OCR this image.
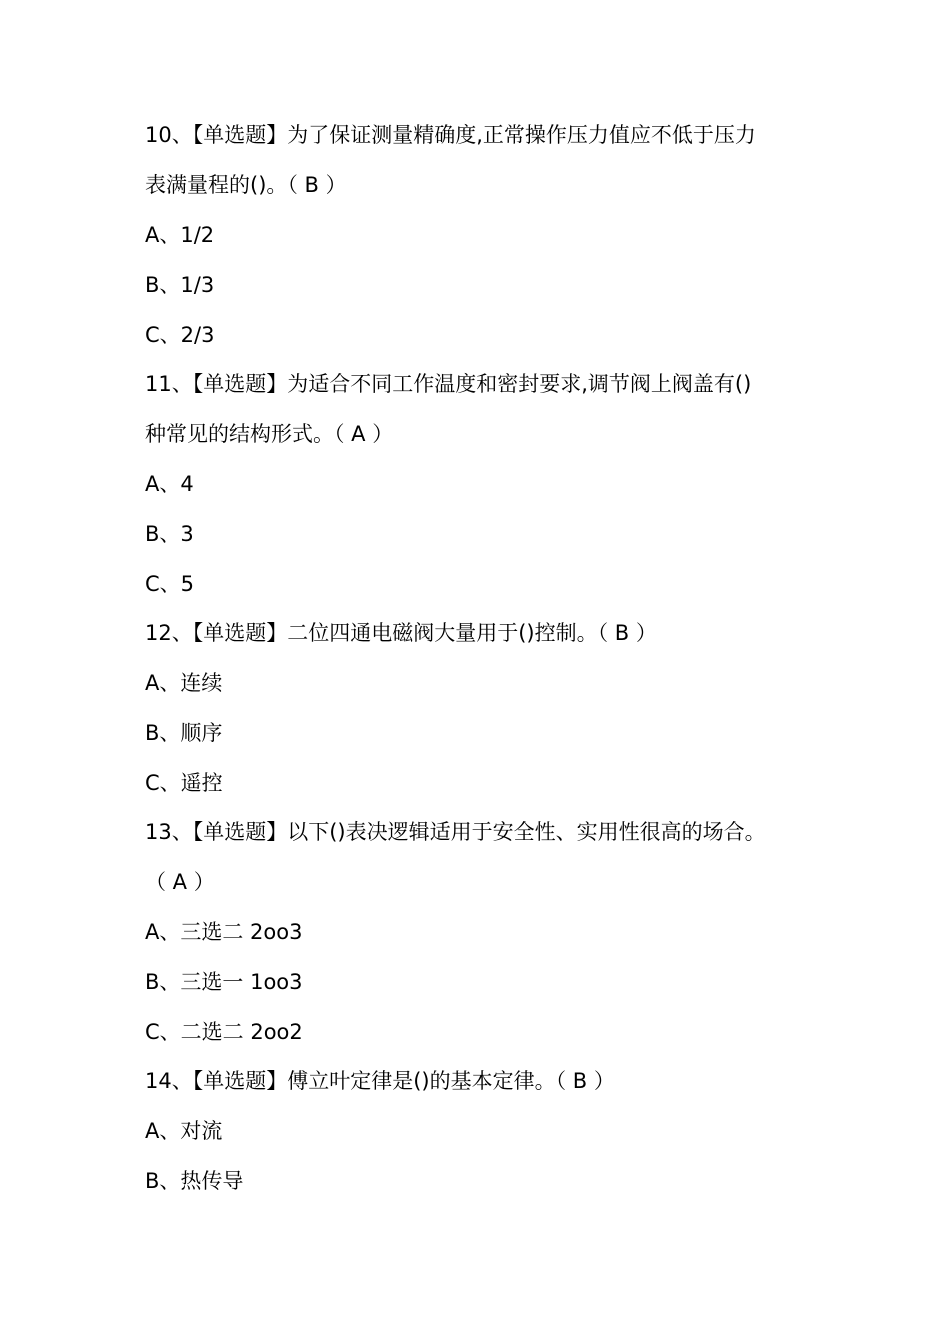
10、【单选题】为了保证测量精确度,正常操作压力值应不低于压力
表满量程的()。（ B ）
A、1/2
B、1/3
C、2/3
11、【单选题】为适合不同工作温度和密封要求,调节阀上阀盖有()
种常见的结构形式。（ A ）
A、4
B、3
C、5
12、【单选题】二位四通电磁阀大量用于()控制。（ B ）
A、连续
B、顺序
C、遥控
13、【单选题】以下()表决逻辑适用于安全性、实用性很高的场合。
（ A ）
A、三选二 2oo3
B、三选一 1oo3
C、二选二 2oo2
14、【单选题】傅立叶定律是()的基本定律。（ B ）
A、对流
B、热传导
